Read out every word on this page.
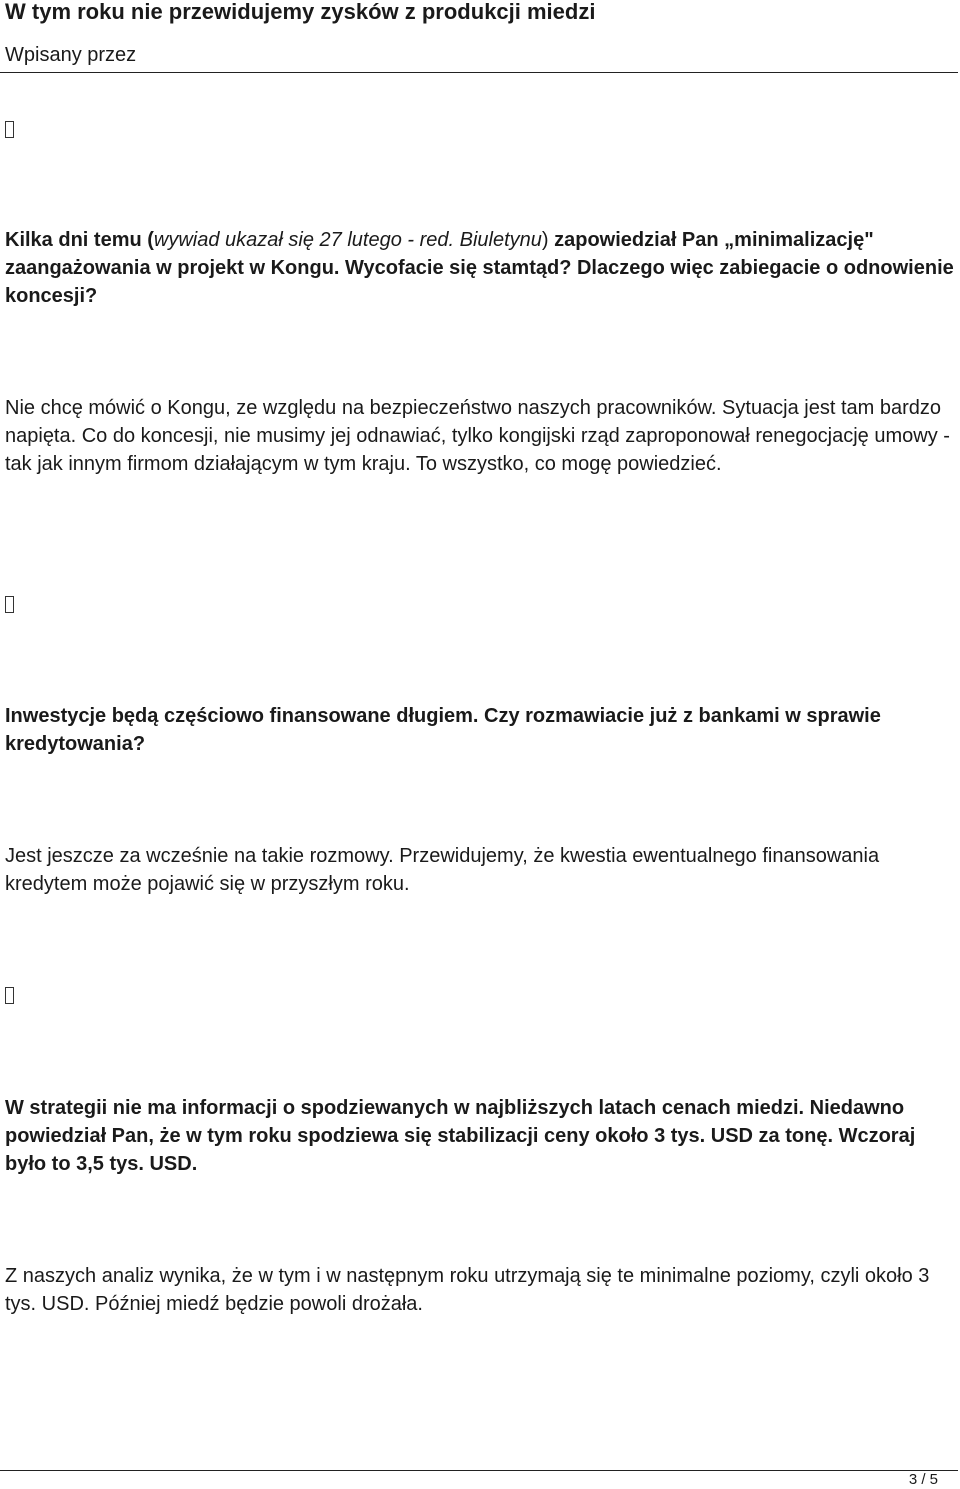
W tym roku nie przewidujemy zysków z produkcji miedzi
Wpisany przez

Kilka dni temu (wywiad ukazał się 27 lutego - red. Biuletynu) zapowiedział Pan „minimalizację" zaangażowania w projekt w Kongu. Wycofacie się stamtąd? Dlaczego więc zabiegacie o odnowienie koncesji?

Nie chcę mówić o Kongu, ze względu na bezpieczeństwo naszych pracowników. Sytuacja jest tam bardzo napięta. Co do koncesji, nie musimy jej odnawiać, tylko kongijski rząd zaproponował renegocjację umowy - tak jak innym firmom działającym w tym kraju. To wszystko, co mogę powiedzieć.

Inwestycje będą częściowo finansowane długiem. Czy rozmawiacie już z bankami w sprawie kredytowania?

Jest jeszcze za wcześnie na takie rozmowy. Przewidujemy, że kwestia ewentualnego finansowania kredytem może pojawić się w przyszłym roku.

W strategii nie ma informacji o spodziewanych w najbliższych latach cenach miedzi. Niedawno powiedział Pan, że w tym roku spodziewa się stabilizacji ceny około 3 tys. USD za tonę. Wczoraj było to 3,5 tys. USD.

Z naszych analiz wynika, że w tym i w następnym roku utrzymają się te minimalne poziomy, czyli około 3 tys. USD. Później miedź będzie powoli drożała.

3 / 5
